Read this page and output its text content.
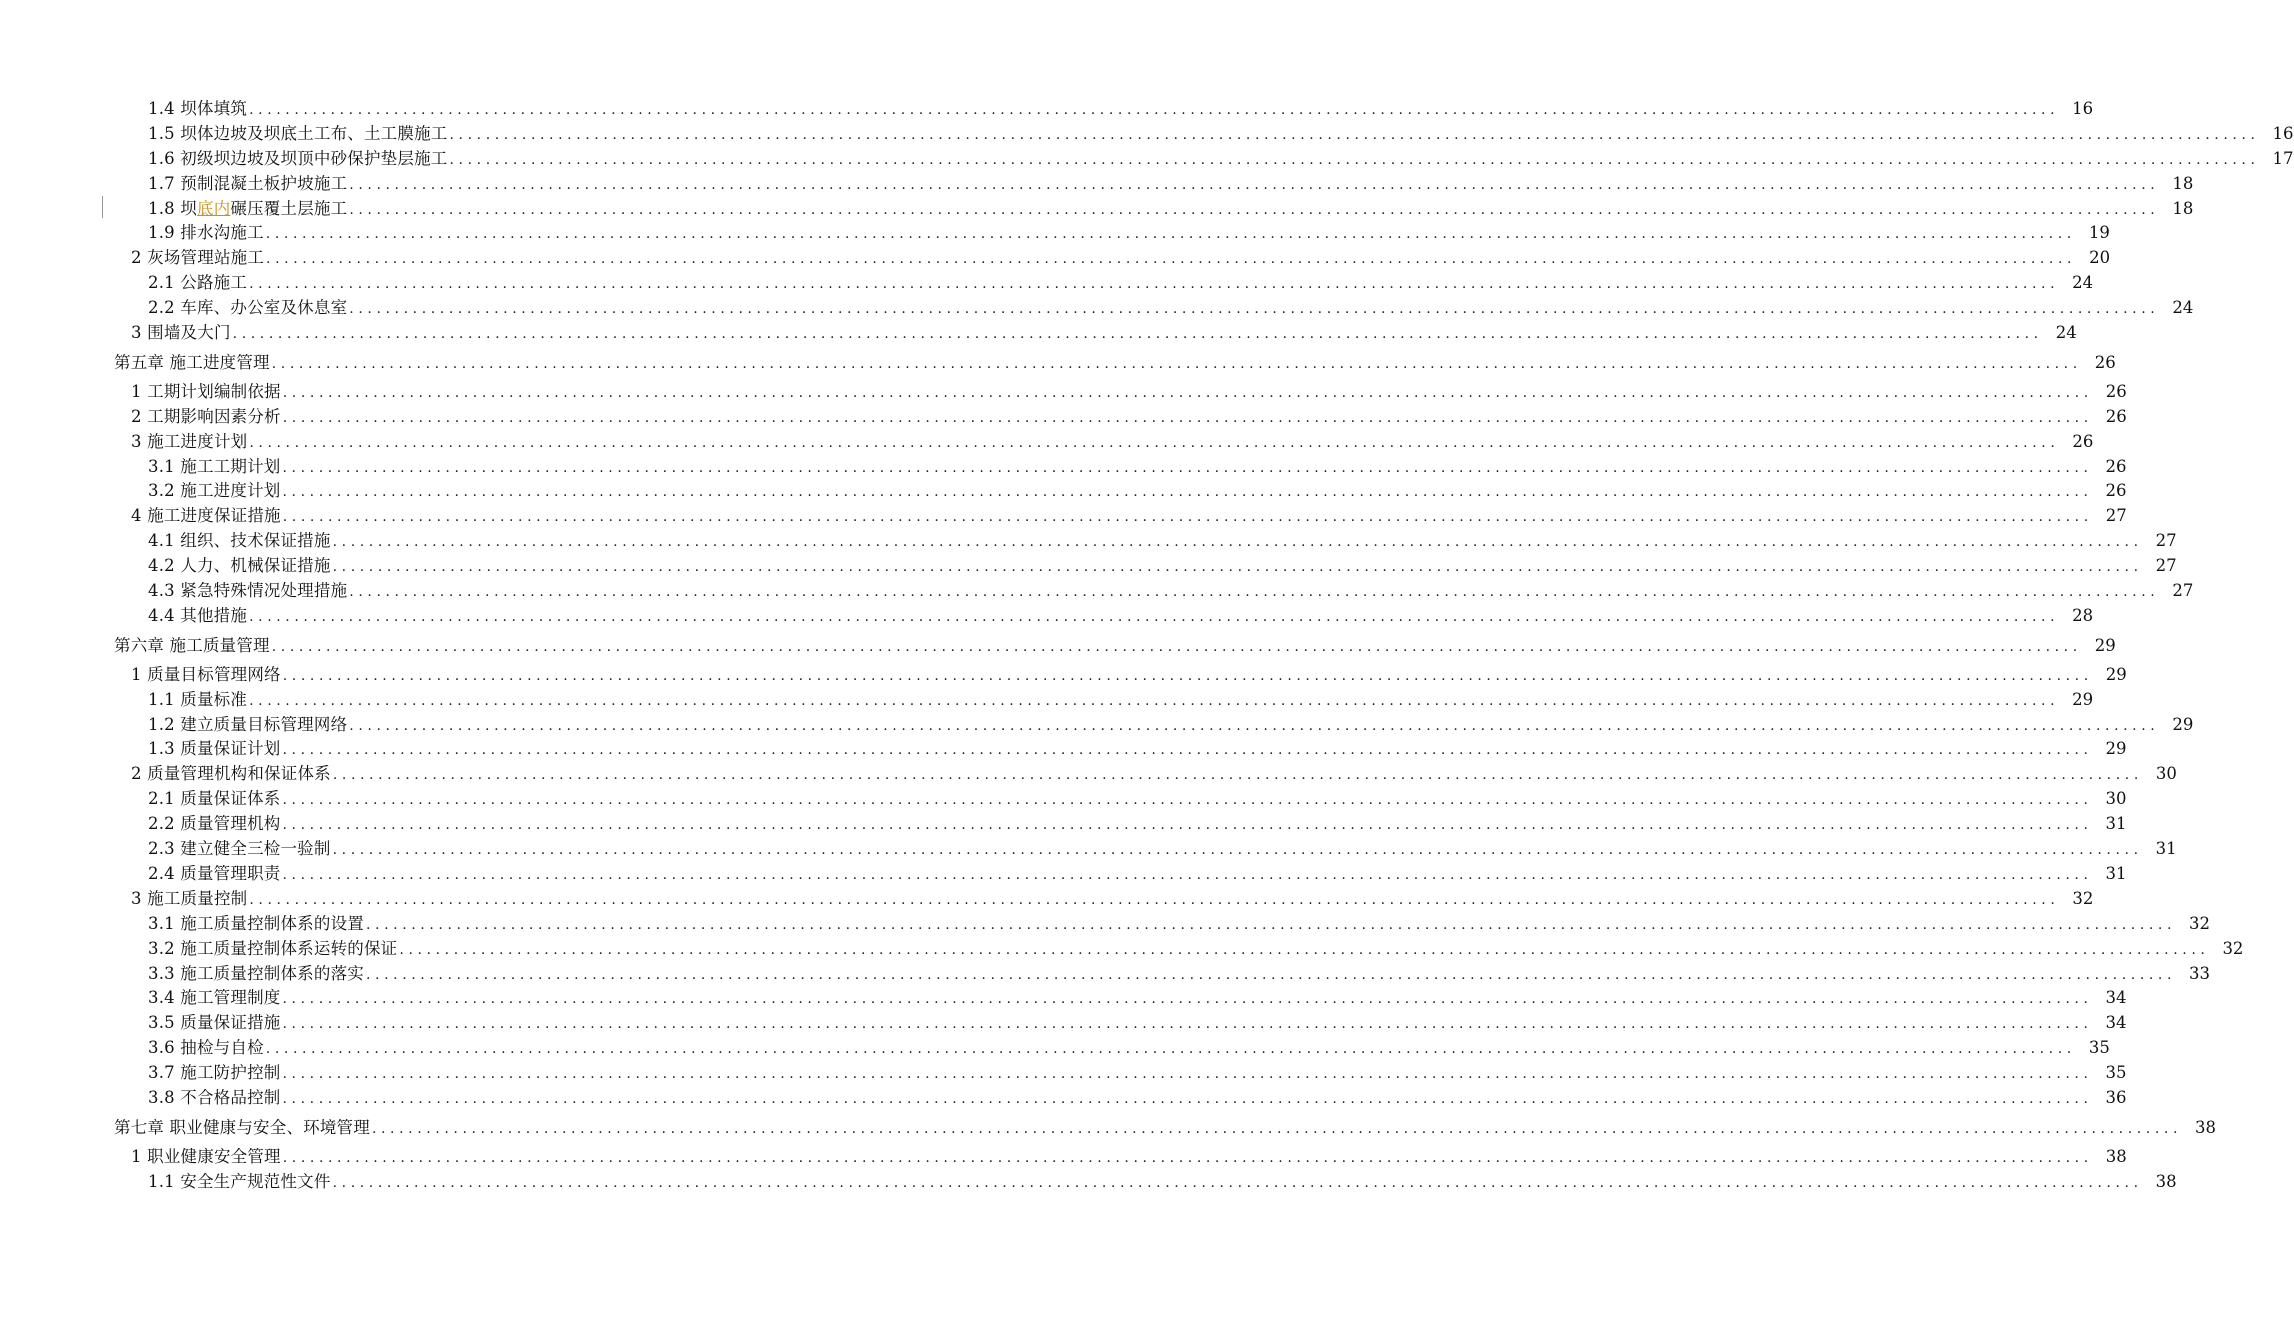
1.4 坝体填筑 ........................................................................................................................................................................................................ 16
1.5 坝体边坡及坝底土工布、土工膜施工 ........................................................................................................................................................................................................ 16
1.6 初级坝边坡及坝顶中砂保护垫层施工 ........................................................................................................................................................................................................ 17
1.7 预制混凝土板护坡施工 ........................................................................................................................................................................................................ 18
1.8 坝底内碾压覆土层施工 ........................................................................................................................................................................................................ 18
1.9 排水沟施工 ........................................................................................................................................................................................................ 19
2 灰场管理站施工 ........................................................................................................................................................................................................ 20
2.1 公路施工 ........................................................................................................................................................................................................ 24
2.2 车库、办公室及休息室 ........................................................................................................................................................................................................ 24
3 围墙及大门 ........................................................................................................................................................................................................ 24
第五章 施工进度管理 ........................................................................................................................................................................................................ 26
1 工期计划编制依据 ........................................................................................................................................................................................................ 26
2 工期影响因素分析 ........................................................................................................................................................................................................ 26
3 施工进度计划 ........................................................................................................................................................................................................ 26
3.1 施工工期计划 ........................................................................................................................................................................................................ 26
3.2 施工进度计划 ........................................................................................................................................................................................................ 26
4 施工进度保证措施 ........................................................................................................................................................................................................ 27
4.1 组织、技术保证措施 ........................................................................................................................................................................................................ 27
4.2 人力、机械保证措施 ........................................................................................................................................................................................................ 27
4.3 紧急特殊情况处理措施 ........................................................................................................................................................................................................ 27
4.4 其他措施 ........................................................................................................................................................................................................ 28
第六章 施工质量管理 ........................................................................................................................................................................................................ 29
1 质量目标管理网络 ........................................................................................................................................................................................................ 29
1.1 质量标准 ........................................................................................................................................................................................................ 29
1.2 建立质量目标管理网络 ........................................................................................................................................................................................................ 29
1.3 质量保证计划 ........................................................................................................................................................................................................ 29
2 质量管理机构和保证体系 ........................................................................................................................................................................................................ 30
2.1 质量保证体系 ........................................................................................................................................................................................................ 30
2.2 质量管理机构 ........................................................................................................................................................................................................ 31
2.3 建立健全三检一验制 ........................................................................................................................................................................................................ 31
2.4 质量管理职责 ........................................................................................................................................................................................................ 31
3 施工质量控制 ........................................................................................................................................................................................................ 32
3.1 施工质量控制体系的设置 ........................................................................................................................................................................................................ 32
3.2 施工质量控制体系运转的保证 ........................................................................................................................................................................................................ 32
3.3 施工质量控制体系的落实 ........................................................................................................................................................................................................ 33
3.4 施工管理制度 ........................................................................................................................................................................................................ 34
3.5 质量保证措施 ........................................................................................................................................................................................................ 34
3.6 抽检与自检 ........................................................................................................................................................................................................ 35
3.7 施工防护控制 ........................................................................................................................................................................................................ 35
3.8 不合格品控制 ........................................................................................................................................................................................................ 36
第七章 职业健康与安全、环境管理 ........................................................................................................................................................................................................ 38
1 职业健康安全管理 ........................................................................................................................................................................................................ 38
1.1 安全生产规范性文件 ........................................................................................................................................................................................................ 38
